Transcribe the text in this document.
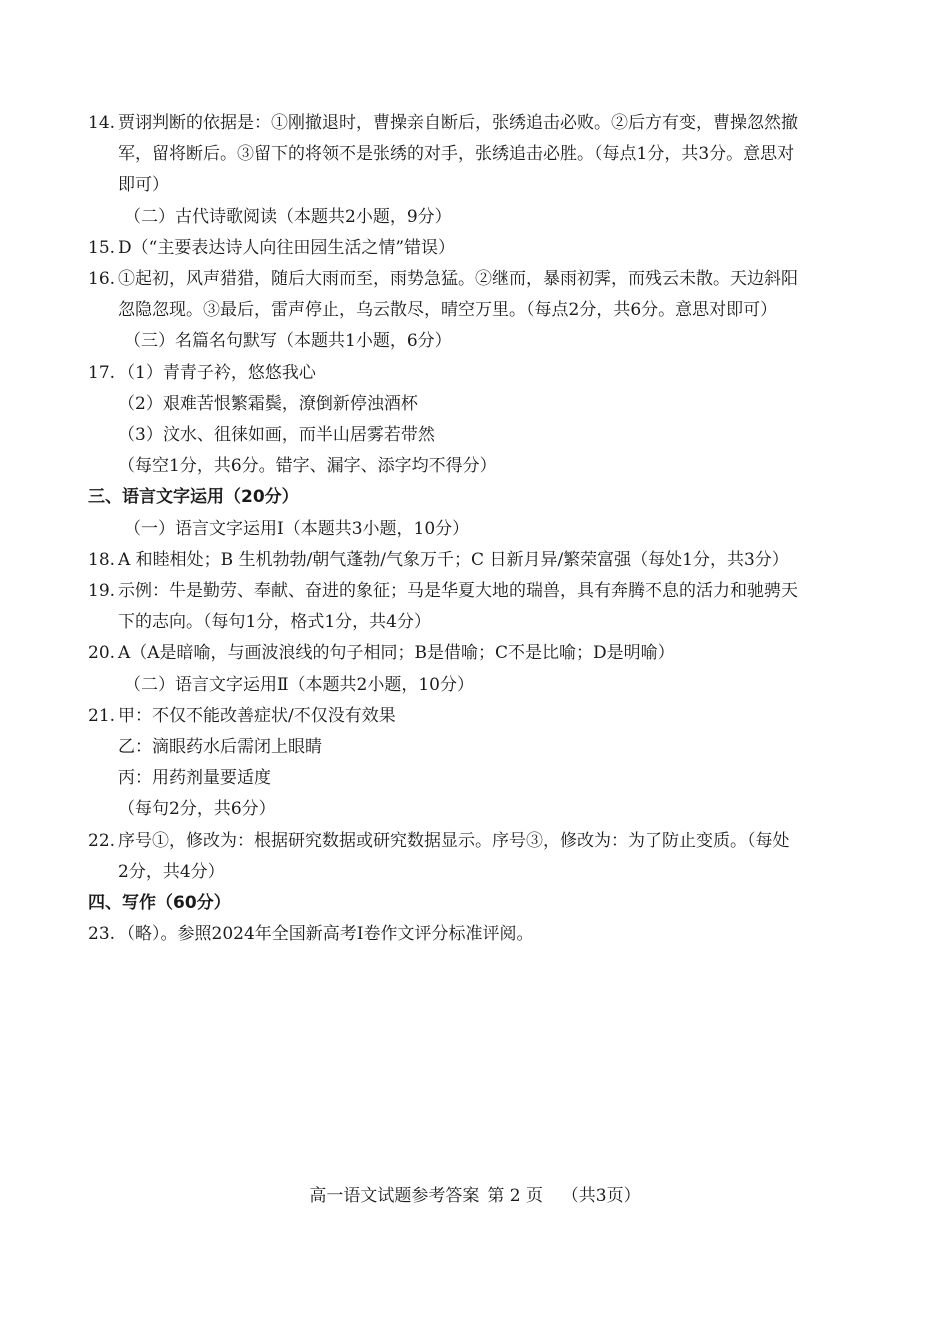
14. 贾诩判断的依据是：①刚撤退时，曹操亲自断后，张绣追击必败。②后方有变，曹操忽然撤军，留将断后。③留下的将领不是张绣的对手，张绣追击必胜。（每点1分，共3分。意思对即可）
（二）古代诗歌阅读（本题共2小题，9分）
15. D（“主要表达诗人向往田园生活之情”错误）
16. ①起初，风声猎猎，随后大雨而至，雨势急猛。②继而，暴雨初霁，而残云未散。天边斜阳忽隐忽现。③最后，雷声停止，乌云散尽，晴空万里。（每点2分，共6分。意思对即可）
（三）名篇名句默写（本题共1小题，6分）
17. （1）青青子衿，悠悠我心
（2）艰难苦恨繁霜鬓，潦倒新停浊酒杯
（3）汶水、徂徕如画，而半山居雾若带然
（每空1分，共6分。错字、漏字、添字均不得分）
三、语言文字运用（20分）
（一）语言文字运用Ⅰ（本题共3小题，10分）
18. A 和睦相处；B 生机勃勃/朝气蓬勃/气象万千；C 日新月异/繁荣富强（每处1分，共3分）
19. 示例：牛是勤劳、奉献、奋进的象征；马是华夏大地的瑞兽，具有奔腾不息的活力和驰骋天下的志向。（每句1分，格式1分，共4分）
20. A（A是暗喻，与画波浪线的句子相同；B是借喻；C不是比喻；D是明喻）
（二）语言文字运用Ⅱ（本题共2小题，10分）
21. 甲：不仅不能改善症状/不仅没有效果
乙：滴眼药水后需闭上眼睛
丙：用药剂量要适度
（每句2分，共6分）
22. 序号①，修改为：根据研究数据或研究数据显示。序号③，修改为：为了防止变质。（每处2分，共4分）
四、写作（60分）
23. （略）。参照2024年全国新高考Ⅰ卷作文评分标准评阅。
高一语文试题参考答案 第 2 页 （共3页）
